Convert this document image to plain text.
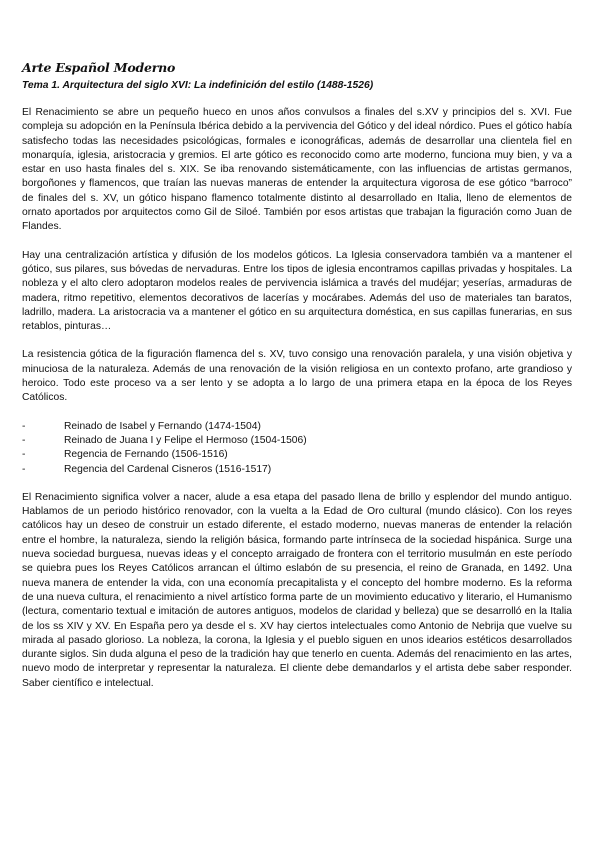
Arte Español Moderno
Tema 1. Arquitectura del siglo XVI: La indefinición del estilo (1488-1526)

El Renacimiento se abre un pequeño hueco en unos años convulsos a finales del s.XV y principios del s. XVI. Fue compleja su adopción en la Península Ibérica debido a la pervivencia del Gótico y del ideal nórdico. Pues el gótico había satisfecho todas las necesidades psicológicas, formales e iconográficas, además de desarrollar una clientela fiel en monarquía, iglesia, aristocracia y gremios. El arte gótico es reconocido como arte moderno, funciona muy bien, y va a estar en uso hasta finales del s. XIX. Se iba renovando sistemáticamente, con las influencias de artistas germanos, borgoñones y flamencos, que traían las nuevas maneras de entender la arquitectura vigorosa de ese gótico “barroco” de finales del s. XV, un gótico hispano flamenco totalmente distinto al desarrollado en Italia, lleno de elementos de ornato aportados por arquitectos como Gil de Siloé. También por esos artistas que trabajan la figuración como Juan de Flandes.

Hay una centralización artística y difusión de los modelos góticos. La Iglesia conservadora también va a mantener el gótico, sus pilares, sus bóvedas de nervaduras. Entre los tipos de iglesia encontramos capillas privadas y hospitales. La nobleza y el alto clero adoptaron modelos reales de pervivencia islámica a través del mudéjar; yeserías, armaduras de madera, ritmo repetitivo, elementos decorativos de lacerías y mocárabes. Además del uso de materiales tan baratos, ladrillo, madera. La aristocracia va a mantener el gótico en su arquitectura doméstica, en sus capillas funerarias, en sus retablos, pinturas…

La resistencia gótica de la figuración flamenca del s. XV, tuvo consigo una renovación paralela, y una visión objetiva y minuciosa de la naturaleza. Además de una renovación de la visión religiosa en un contexto profano, arte grandioso y heroico. Todo este proceso va a ser lento y se adopta a lo largo de una primera etapa en la época de los Reyes Católicos.

-	Reinado de Isabel y Fernando (1474-1504)
-	Reinado de Juana I y Felipe el Hermoso (1504-1506)
-	Regencia de Fernando (1506-1516)
-	Regencia del Cardenal Cisneros (1516-1517)

El Renacimiento significa volver a nacer, alude a esa etapa del pasado llena de brillo y esplendor del mundo antiguo. Hablamos de un periodo histórico renovador, con la vuelta a la Edad de Oro cultural (mundo clásico). Con los reyes católicos hay un deseo de construir un estado diferente, el estado moderno, nuevas maneras de entender la relación entre el hombre, la naturaleza, siendo la religión básica, formando parte intrínseca de la sociedad hispánica. Surge una nueva sociedad burguesa, nuevas ideas y el concepto arraigado de frontera con el territorio musulmán en este período se quiebra pues los Reyes Católicos arrancan el último eslabón de su presencia, el reino de Granada, en 1492. Una nueva manera de entender la vida, con una economía precapitalista y el concepto del hombre moderno. Es la reforma de una nueva cultura, el renacimiento a nivel artístico forma parte de un movimiento educativo y literario, el Humanismo (lectura, comentario textual e imitación de autores antiguos, modelos de claridad y belleza) que se desarrolló en la Italia de los ss XIV y XV. En España pero ya desde el s. XV hay ciertos intelectuales como Antonio de Nebrija que vuelve su mirada al pasado glorioso. La nobleza, la corona, la Iglesia y el pueblo siguen en unos idearios estéticos desarrollados durante siglos. Sin duda alguna el peso de la tradición hay que tenerlo en cuenta. Además del renacimiento en las artes, nuevo modo de interpretar y representar la naturaleza. El cliente debe demandarlos y el artista debe saber responder. Saber científico e intelectual.
